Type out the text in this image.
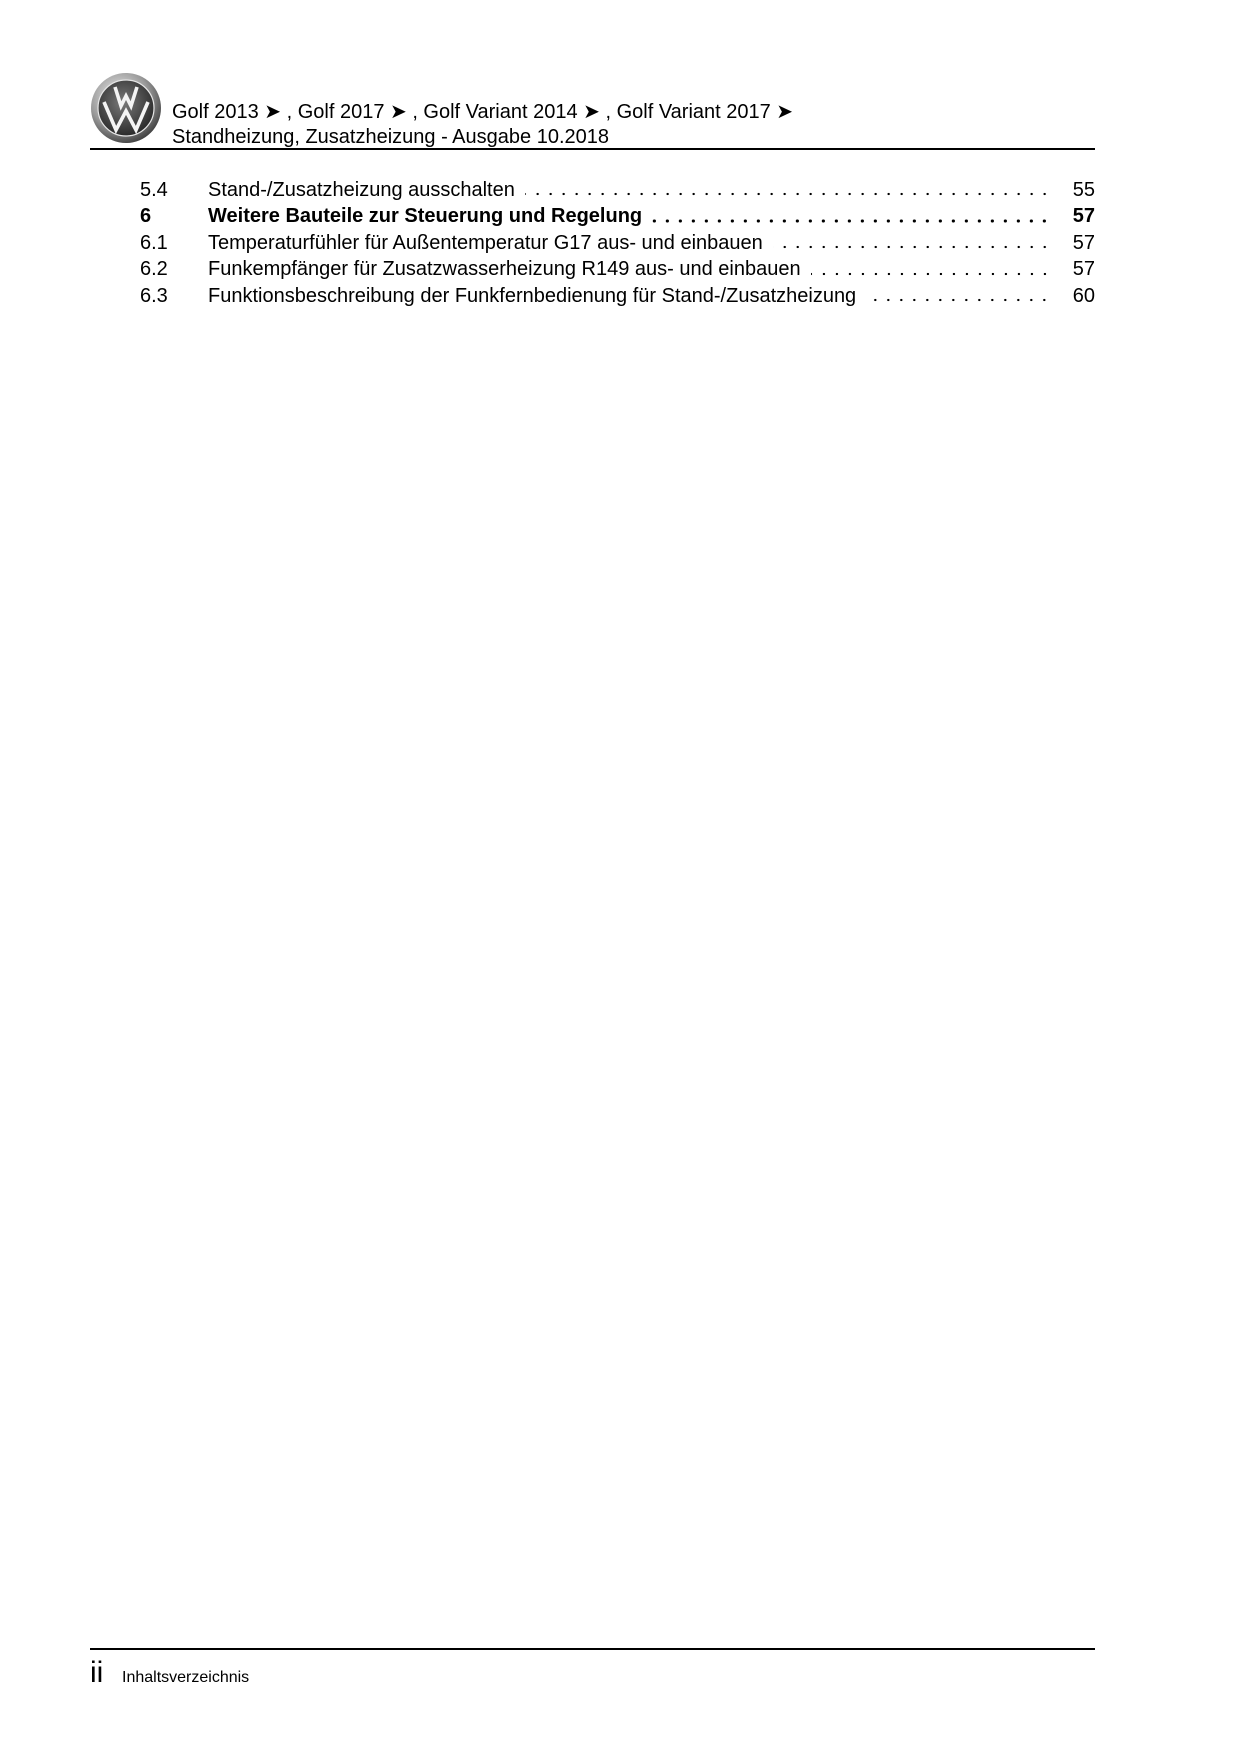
Golf 2013 ➤ , Golf 2017 ➤ , Golf Variant 2014 ➤ , Golf Variant 2017 ➤
Standheizung, Zusatzheizung - Ausgabe 10.2018
5.4	Stand-/Zusatzheizung ausschalten	55
6	Weitere Bauteile zur Steuerung und Regelung	57
6.1	Temperaturfühler für Außentemperatur G17 aus- und einbauen	57
6.2	Funkempfänger für Zusatzwasserheizung R149 aus- und einbauen	57
6.3	Funktionsbeschreibung der Funkfernbedienung für Stand-/Zusatzheizung	60
ii Inhaltsverzeichnis
